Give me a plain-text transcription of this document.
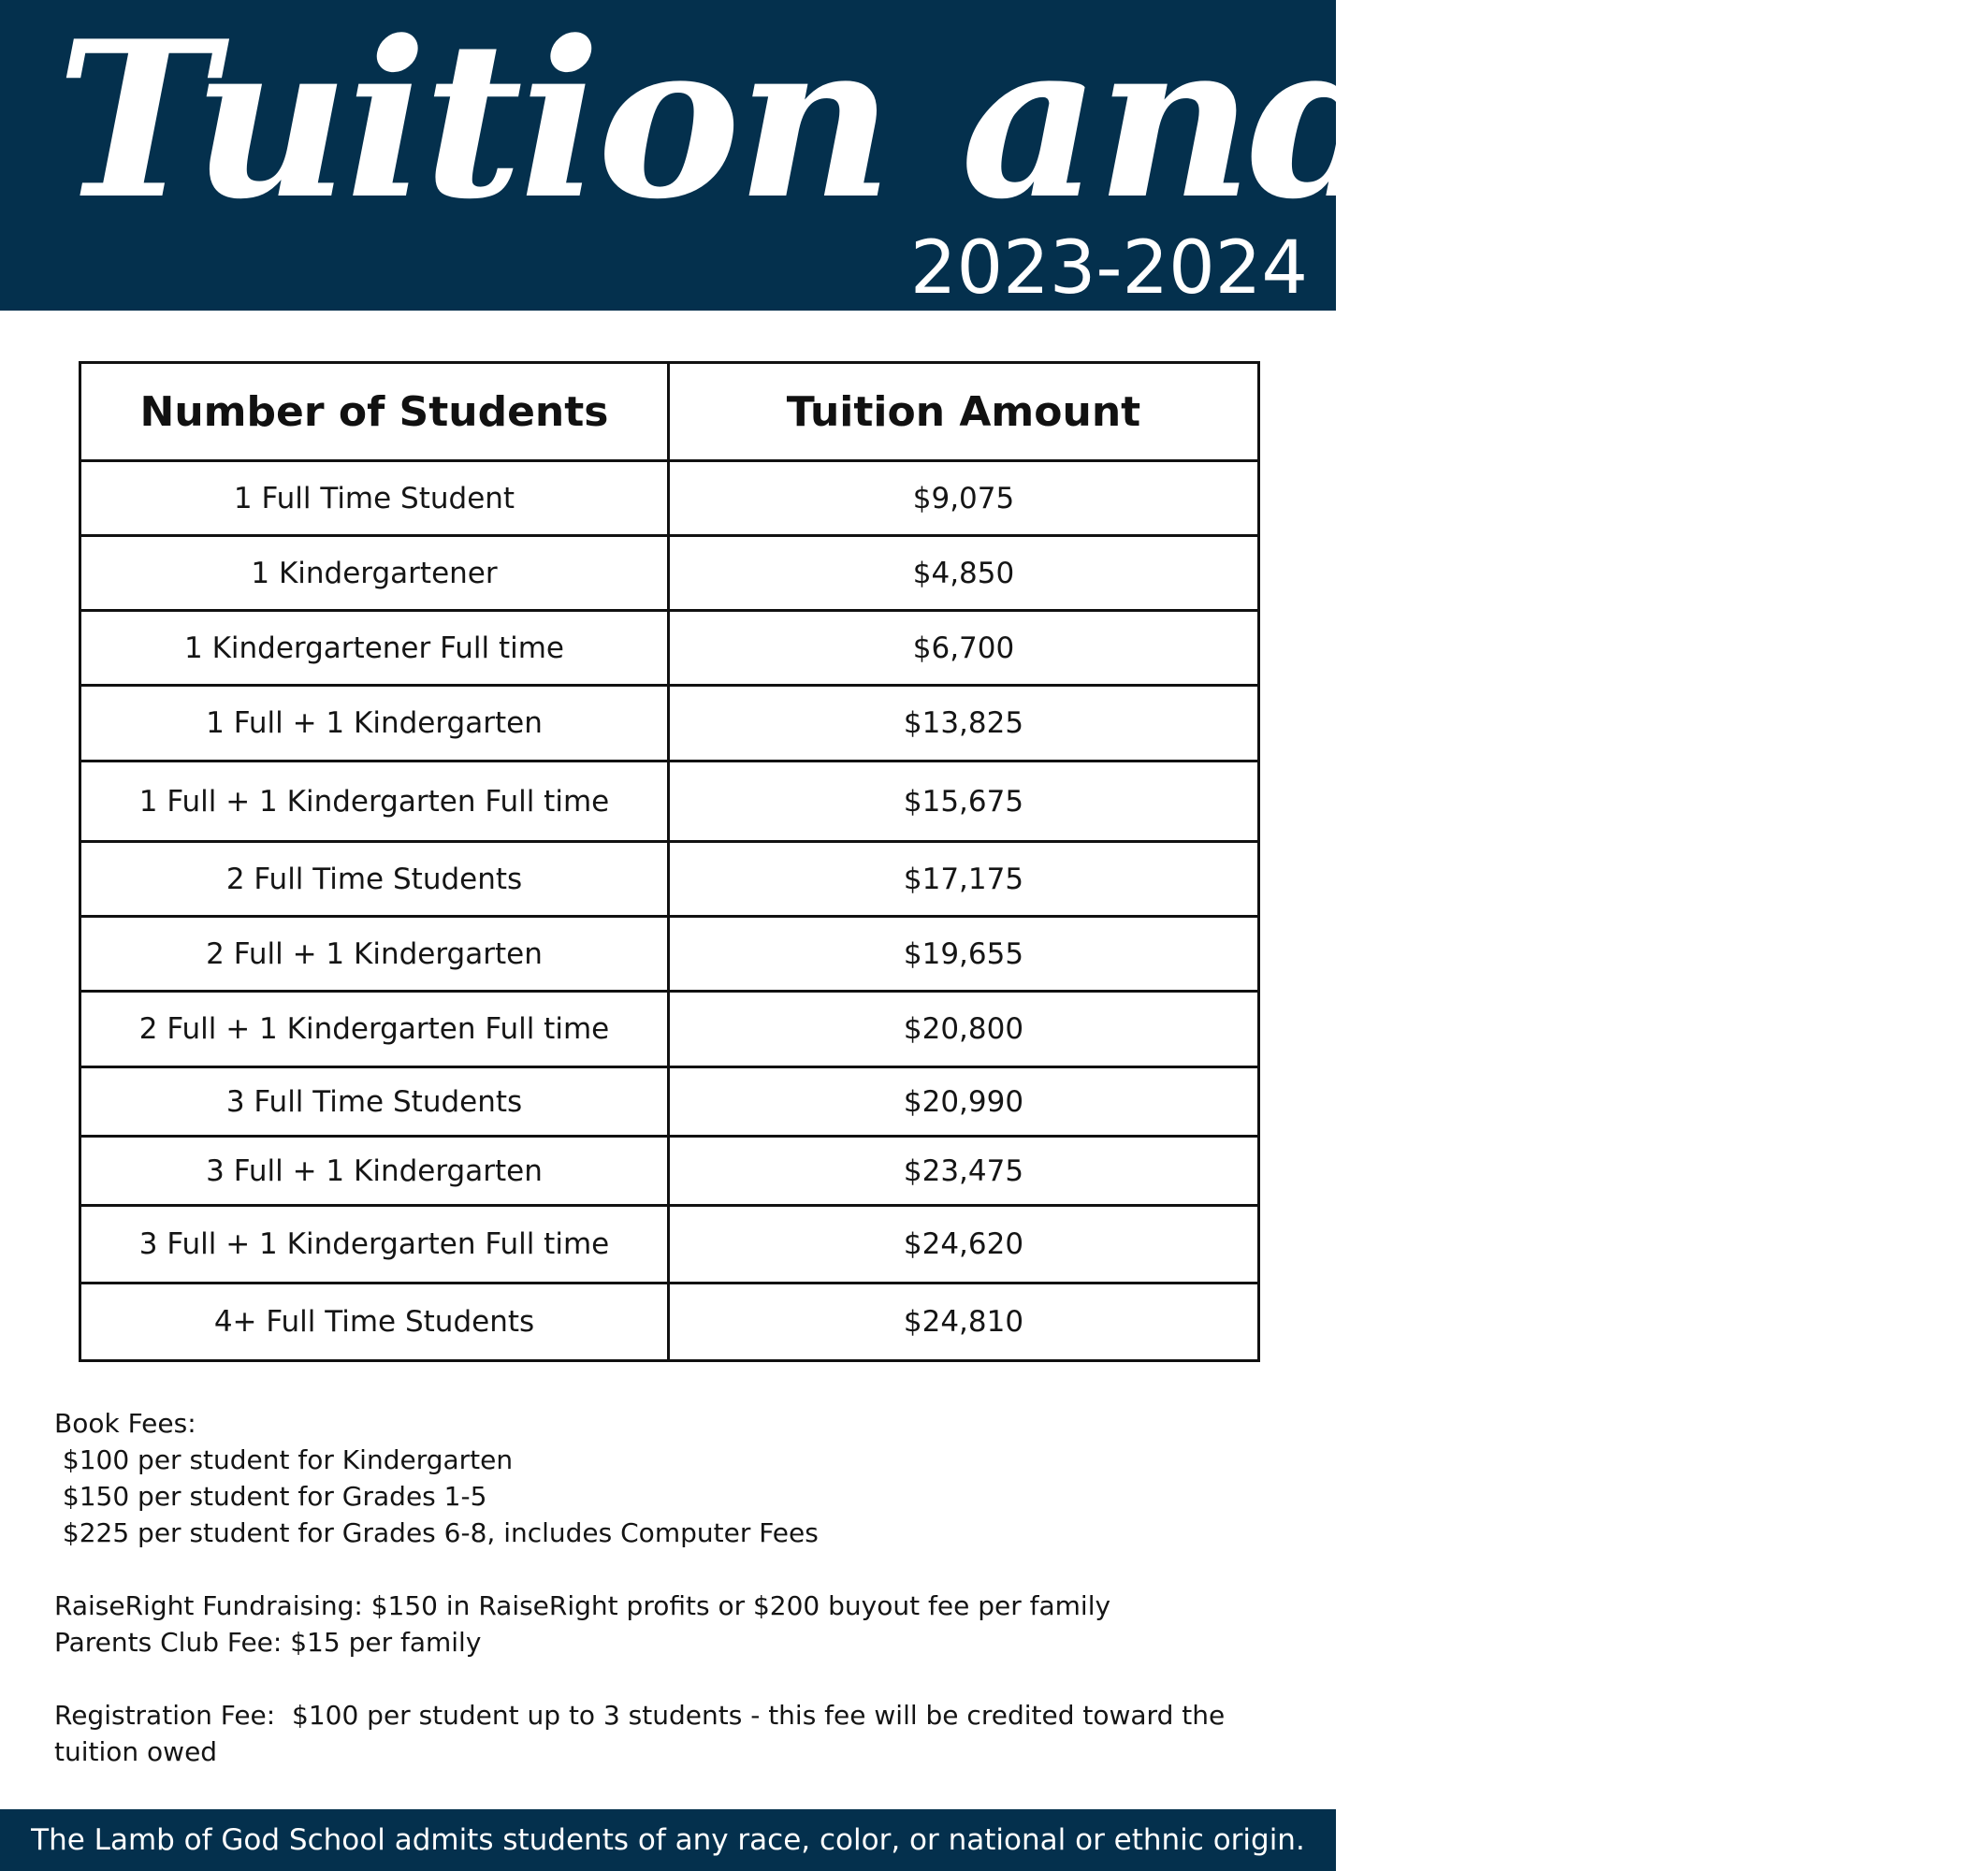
Tuition and Fees
2023-2024
Number of Students	Tuition Amount
1 Full Time Student	$9,075
1 Kindergartener	$4,850
1 Kindergartener Full time	$6,700
1 Full + 1 Kindergarten	$13,825
1 Full + 1 Kindergarten Full time	$15,675
2 Full Time Students	$17,175
2 Full + 1 Kindergarten	$19,655
2 Full + 1 Kindergarten Full time	$20,800
3 Full Time Students	$20,990
3 Full + 1 Kindergarten	$23,475
3 Full + 1 Kindergarten Full time	$24,620
4+ Full Time Students	$24,810
Book Fees:
$100 per student for Kindergarten
$150 per student for Grades 1-5
$225 per student for Grades 6-8, includes Computer Fees
RaiseRight Fundraising: $150 in RaiseRight profits or $200 buyout fee per family
Parents Club Fee: $15 per family
Registration Fee:  $100 per student up to 3 students - this fee will be credited toward the
tuition owed
The Lamb of God School admits students of any race, color, or national or ethnic origin.
